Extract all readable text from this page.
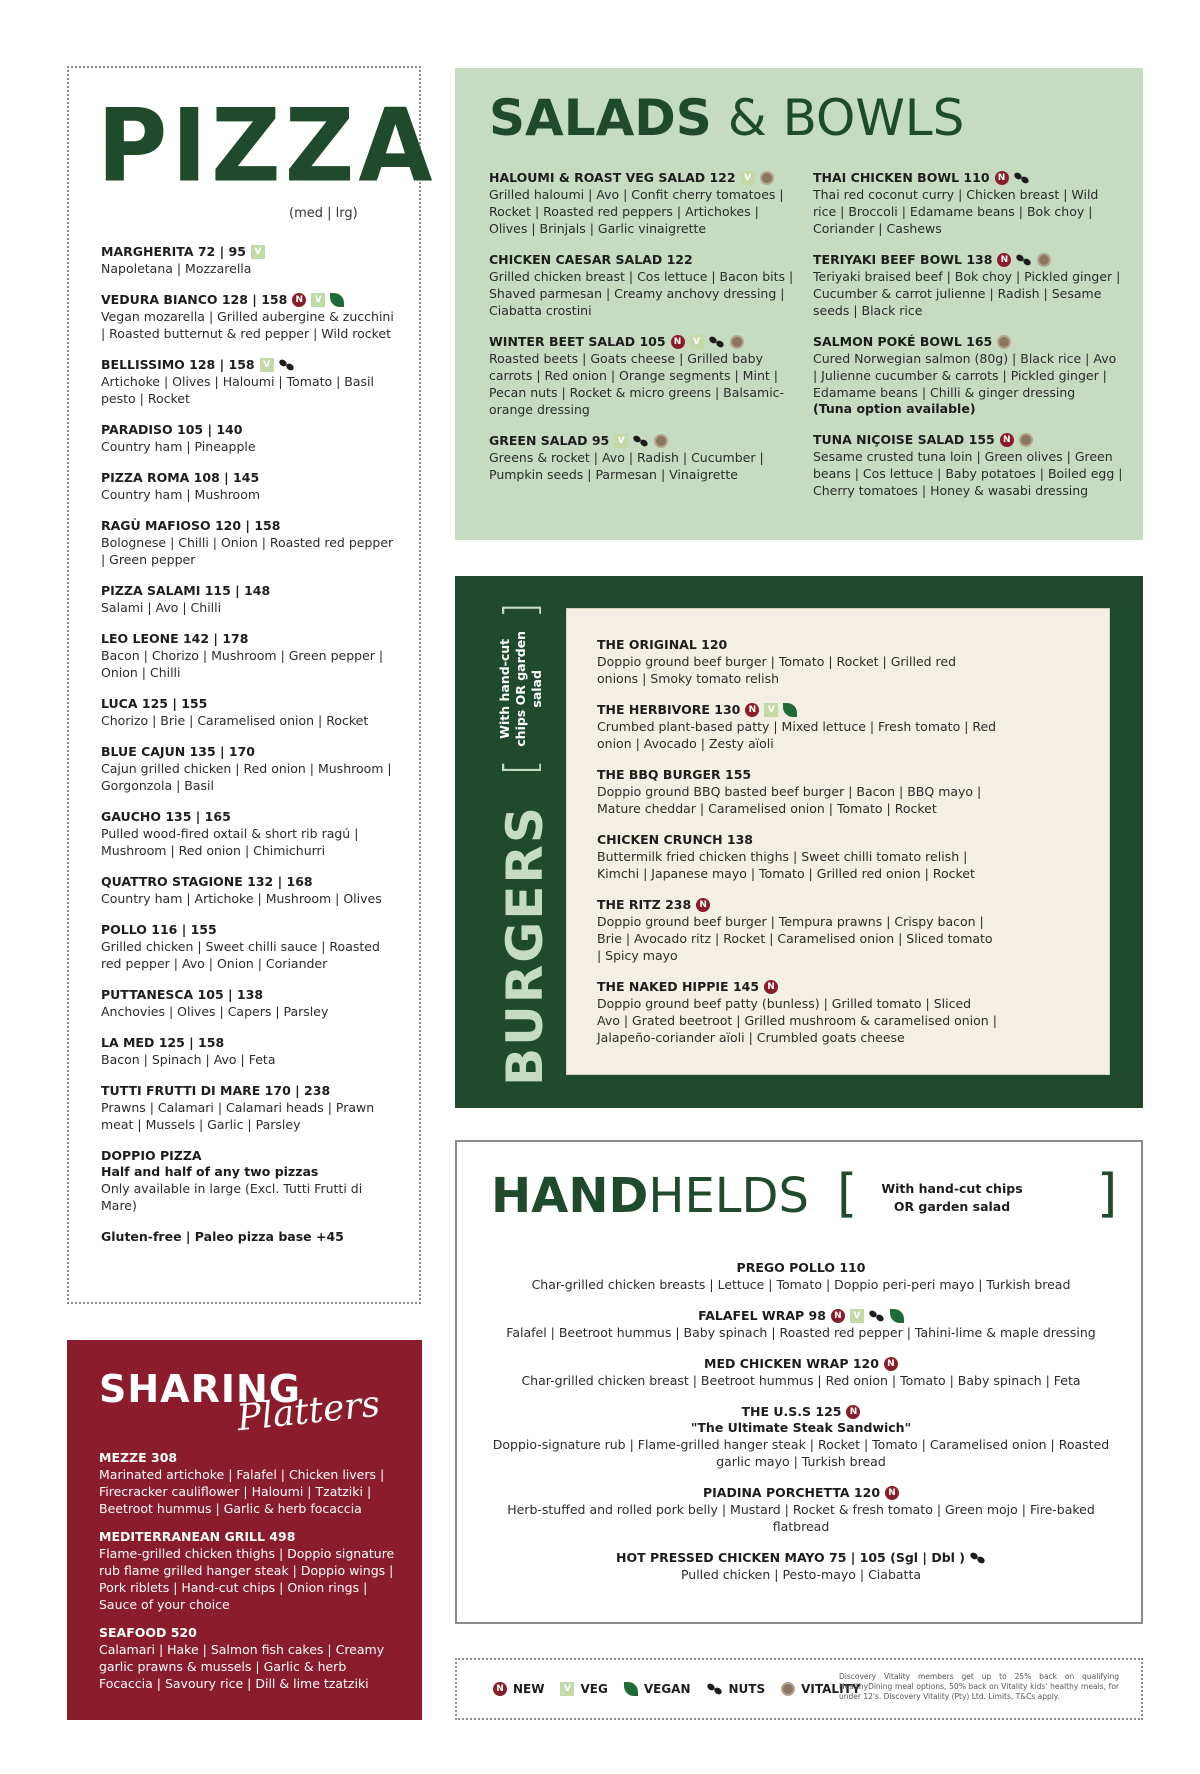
PIZZA
(med | lrg)
MARGHERITA 72 | 95 V
Napoletana | Mozzarella
VEDURA BIANCO 128 | 158 N	V
Vegan mozarella | Grilled aubergine & zucchini | Roasted butternut & red pepper | Wild rocket
BELLISSIMO 128 | 158 V
Artichoke | Olives | Haloumi | Tomato | Basil pesto | Rocket
PARADISO 105 | 140
Country ham | Pineapple
PIZZA ROMA 108 | 145
Country ham | Mushroom
RAGÙ MAFIOSO 120 | 158
Bolognese | Chilli | Onion | Roasted red pepper | Green pepper
PIZZA SALAMI 115 | 148
Salami | Avo | Chilli
LEO LEONE 142 | 178
Bacon | Chorizo | Mushroom | Green pepper | Onion | Chilli
LUCA 125 | 155
Chorizo | Brie | Caramelised onion | Rocket
BLUE CAJUN 135 | 170
Cajun grilled chicken | Red onion | Mushroom | Gorgonzola | Basil
GAUCHO 135 | 165
Pulled wood-fired oxtail & short rib ragú | Mushroom | Red onion | Chimichurri
QUATTRO STAGIONE 132 | 168
Country ham | Artichoke | Mushroom | Olives
POLLO 116 | 155
Grilled chicken | Sweet chilli sauce | Roasted red pepper | Avo | Onion | Coriander
PUTTANESCA 105 | 138
Anchovies | Olives | Capers | Parsley
LA MED 125 | 158
Bacon | Spinach | Avo | Feta
TUTTI FRUTTI DI MARE 170 | 238
Prawns | Calamari | Calamari heads | Prawn meat | Mussels | Garlic | Parsley
DOPPIO PIZZA
Half and half of any two pizzas
Only available in large (Excl. Tutti Frutti di Mare)
Gluten-free | Paleo pizza base +45
SALADS & BOWLS
HALOUMI & ROAST VEG SALAD 122 V
Grilled haloumi | Avo | Confit cherry tomatoes | Rocket | Roasted red peppers | Artichokes | Olives | Brinjals | Garlic vinaigrette
CHICKEN CAESAR SALAD 122
Grilled chicken breast | Cos lettuce | Bacon bits | Shaved parmesan | Creamy anchovy dressing | Ciabatta crostini
WINTER BEET SALAD 105 N	V
Roasted beets | Goats cheese | Grilled baby carrots | Red onion | Orange segments | Mint | Pecan nuts | Rocket & micro greens | Balsamic-orange dressing
GREEN SALAD 95 V
Greens & rocket | Avo | Radish | Cucumber | Pumpkin seeds | Parmesan | Vinaigrette
THAI CHICKEN BOWL 110 N
Thai red coconut curry | Chicken breast | Wild rice | Broccoli | Edamame beans | Bok choy | Coriander | Cashews
TERIYAKI BEEF BOWL 138 N
Teriyaki braised beef | Bok choy | Pickled ginger | Cucumber & carrot julienne | Radish | Sesame seeds | Black rice
SALMON POKÉ BOWL 165
Cured Norwegian salmon (80g) | Black rice | Avo | Julienne cucumber & carrots | Pickled ginger | Edamame beans | Chilli & ginger dressing
(Tuna option available)
TUNA NIÇOISE SALAD 155 N
Sesame crusted tuna loin | Green olives | Green beans | Cos lettuce | Baby potatoes | Boiled egg | Cherry tomatoes | Honey & wasabi dressing
BURGERS
[
With hand-cut chips OR garden salad
]
THE ORIGINAL 120
Doppio ground beef burger | Tomato | Rocket | Grilled red onions | Smoky tomato relish
THE HERBIVORE 130 N	V
Crumbed plant-based patty | Mixed lettuce | Fresh tomato | Red onion | Avocado | Zesty aïoli
THE BBQ BURGER 155
Doppio ground BBQ basted beef burger | Bacon | BBQ mayo | Mature cheddar | Caramelised onion | Tomato | Rocket
CHICKEN CRUNCH 138
Buttermilk fried chicken thighs | Sweet chilli tomato relish | Kimchi | Japanese mayo | Tomato | Grilled red onion | Rocket
THE RITZ 238 N
Doppio ground beef burger | Tempura prawns | Crispy bacon | Brie | Avocado ritz | Rocket | Caramelised onion | Sliced tomato | Spicy mayo
THE NAKED HIPPIE 145 N
Doppio ground beef patty (bunless) | Grilled tomato | Sliced Avo | Grated beetroot | Grilled mushroom & caramelised onion | Jalapeño-coriander aïoli | Crumbled goats cheese
HANDHELDS [	With hand-cut chips OR garden salad	]
PREGO POLLO 110
Char-grilled chicken breasts | Lettuce | Tomato | Doppio peri-peri mayo | Turkish bread
FALAFEL WRAP 98 N	V
Falafel | Beetroot hummus | Baby spinach | Roasted red pepper | Tahini-lime & maple dressing
MED CHICKEN WRAP 120 N
Char-grilled chicken breast | Beetroot hummus | Red onion | Tomato | Baby spinach | Feta
THE U.S.S 125 N
"The Ultimate Steak Sandwich"
Doppio-signature rub | Flame-grilled hanger steak | Rocket | Tomato | Caramelised onion | Roasted garlic mayo | Turkish bread
PIADINA PORCHETTA 120 N
Herb-stuffed and rolled pork belly | Mustard | Rocket & fresh tomato | Green mojo | Fire-baked flatbread
HOT PRESSED CHICKEN MAYO 75 | 105 (Sgl | Dbl )
Pulled chicken | Pesto-mayo | Ciabatta
SHARING
Platters
MEZZE 308
Marinated artichoke | Falafel | Chicken livers | Firecracker cauliflower | Haloumi | Tzatziki | Beetroot hummus | Garlic & herb focaccia
MEDITERRANEAN GRILL 498
Flame-grilled chicken thighs | Doppio signature rub flame grilled hanger steak | Doppio wings | Pork riblets | Hand-cut chips | Onion rings | Sauce of your choice
SEAFOOD 520
Calamari | Hake | Salmon fish cakes | Creamy garlic prawns & mussels | Garlic & herb Focaccia | Savoury rice | Dill & lime tzatziki	N NEW	V VEG	VEGAN	NUTS	VITALITY
Discovery Vitality members get up to 25% back on qualifying HealthyDining meal options, 50% back on Vitality kids' healthy meals, for under 12's. Discovery Vitality (Pty) Ltd. Limits, T&Cs apply.
